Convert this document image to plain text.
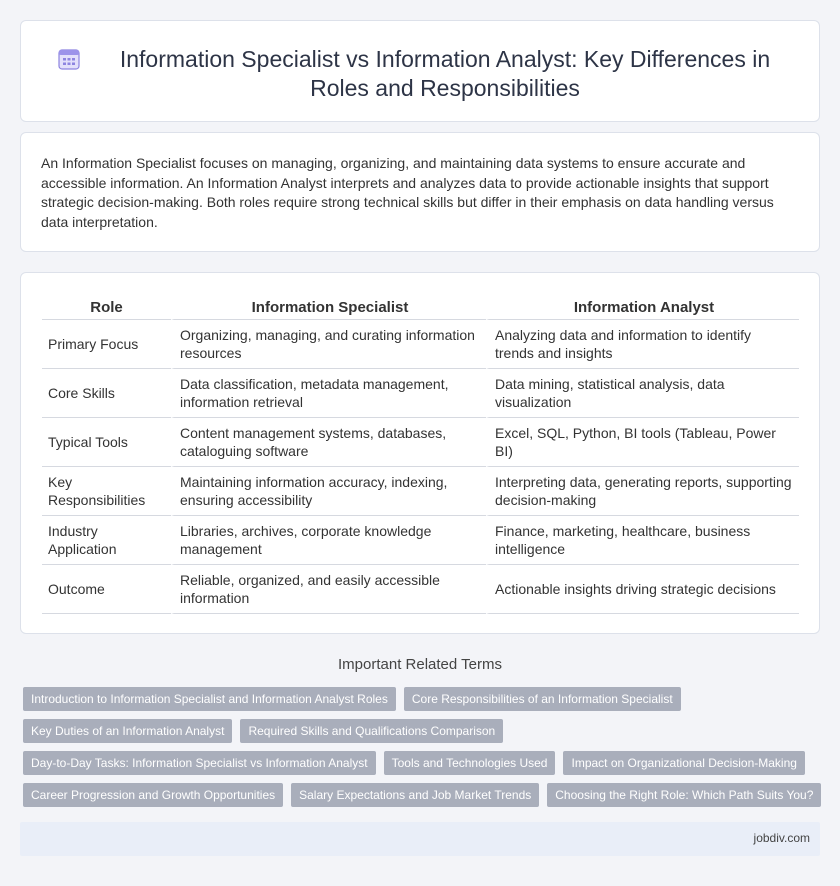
Information Specialist vs Information Analyst: Key Differences in Roles and Responsibilities

An Information Specialist focuses on managing, organizing, and maintaining data systems to ensure accurate and accessible information. An Information Analyst interprets and analyzes data to provide actionable insights that support strategic decision-making. Both roles require strong technical skills but differ in their emphasis on data handling versus data interpretation.

Role	Information Specialist	Information Analyst
Primary Focus	Organizing, managing, and curating information resources	Analyzing data and information to identify trends and insights
Core Skills	Data classification, metadata management, information retrieval	Data mining, statistical analysis, data visualization
Typical Tools	Content management systems, databases, cataloguing software	Excel, SQL, Python, BI tools (Tableau, Power BI)
Key Responsibilities	Maintaining information accuracy, indexing, ensuring accessibility	Interpreting data, generating reports, supporting decision-making
Industry Application	Libraries, archives, corporate knowledge management	Finance, marketing, healthcare, business intelligence
Outcome	Reliable, organized, and easily accessible information	Actionable insights driving strategic decisions
Important Related Terms
Introduction to Information Specialist and Information Analyst Roles	Core Responsibilities of an Information Specialist
Key Duties of an Information Analyst	Required Skills and Qualifications Comparison
Day-to-Day Tasks: Information Specialist vs Information Analyst	Tools and Technologies Used	Impact on Organizational Decision-Making
Career Progression and Growth Opportunities	Salary Expectations and Job Market Trends	Choosing the Right Role: Which Path Suits You?
jobdiv.com
